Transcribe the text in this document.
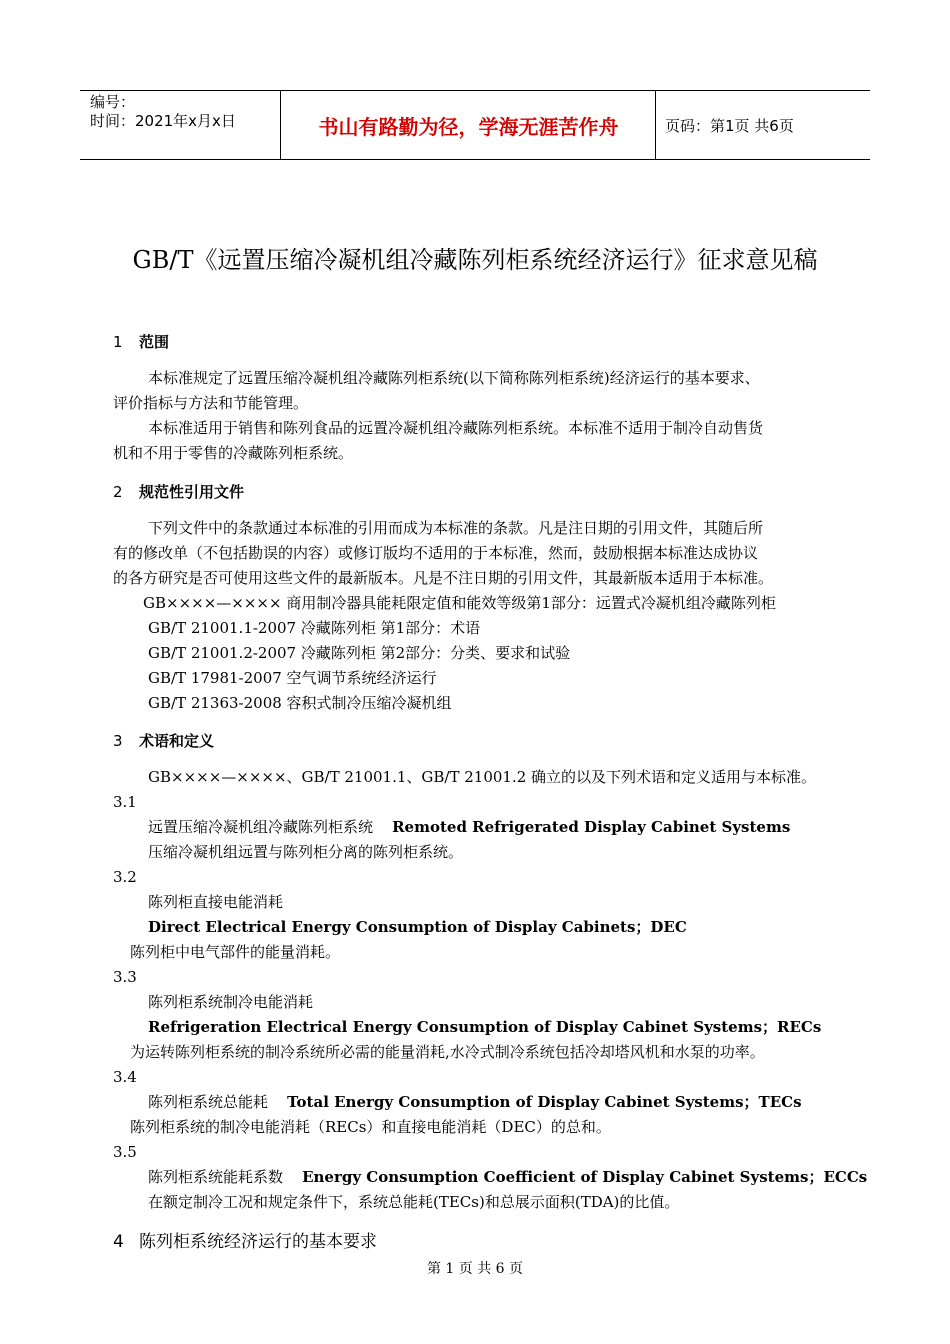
编号：
时间：2021年x月x日	书山有路勤为径，学海无涯苦作舟	页码：第1页 共6页
GB/T《远置压缩冷凝机组冷藏陈列柜系统经济运行》征求意见稿
1 范围
本标准规定了远置压缩冷凝机组冷藏陈列柜系统(以下简称陈列柜系统)经济运行的基本要求、
评价指标与方法和节能管理。
本标准适用于销售和陈列食品的远置冷凝机组冷藏陈列柜系统。本标准不适用于制冷自动售货
机和不用于零售的冷藏陈列柜系统。
2 规范性引用文件
下列文件中的条款通过本标准的引用而成为本标准的条款。凡是注日期的引用文件，其随后所
有的修改单（不包括勘误的内容）或修订版均不适用的于本标准，然而，鼓励根据本标准达成协议
的各方研究是否可使用这些文件的最新版本。凡是不注日期的引用文件，其最新版本适用于本标准。
GB××××—×××× 商用制冷器具能耗限定值和能效等级第1部分：远置式冷凝机组冷藏陈列柜
GB/T 21001.1-2007 冷藏陈列柜 第1部分：术语
GB/T 21001.2-2007 冷藏陈列柜 第2部分：分类、要求和试验
GB/T 17981-2007 空气调节系统经济运行
GB/T 21363-2008 容积式制冷压缩冷凝机组
3 术语和定义
GB××××—××××、GB/T 21001.1、GB/T 21001.2 确立的以及下列术语和定义适用与本标准。
3.1
远置压缩冷凝机组冷藏陈列柜系统 Remoted Refrigerated Display Cabinet Systems
压缩冷凝机组远置与陈列柜分离的陈列柜系统。
3.2
陈列柜直接电能消耗
Direct Electrical Energy Consumption of Display Cabinets；DEC
陈列柜中电气部件的能量消耗。
3.3
陈列柜系统制冷电能消耗
Refrigeration Electrical Energy Consumption of Display Cabinet Systems；RECs
为运转陈列柜系统的制冷系统所必需的能量消耗,水冷式制冷系统包括冷却塔风机和水泵的功率。
3.4
陈列柜系统总能耗 Total Energy Consumption of Display Cabinet Systems；TECs
陈列柜系统的制冷电能消耗（RECs）和直接电能消耗（DEC）的总和。
3.5
陈列柜系统能耗系数 Energy Consumption Coefficient of Display Cabinet Systems；ECCs
在额定制冷工况和规定条件下，系统总能耗(TECs)和总展示面积(TDA)的比值。
4 陈列柜系统经济运行的基本要求
第 1 页 共 6 页
